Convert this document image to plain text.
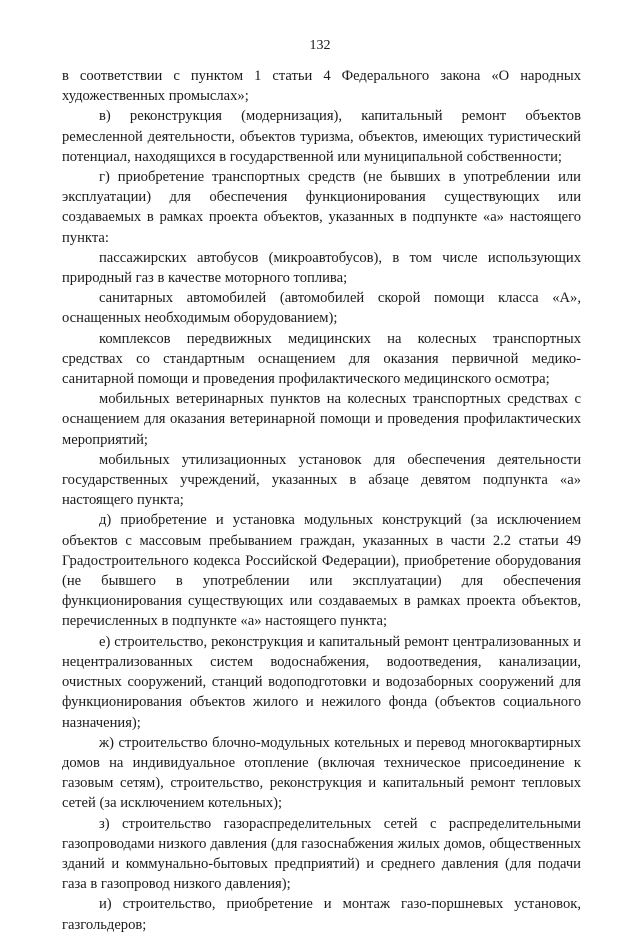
132

в соответствии с пунктом 1 статьи 4 Федерального закона «О народных художественных промыслах»;

в) реконструкция (модернизация), капитальный ремонт объектов ремесленной деятельности, объектов туризма, объектов, имеющих туристический потенциал, находящихся в государственной или муниципальной собственности;

г) приобретение транспортных средств (не бывших в употреблении или эксплуатации) для обеспечения функционирования существующих или создаваемых в рамках проекта объектов, указанных в подпункте «а» настоящего пункта:

пассажирских автобусов (микроавтобусов), в том числе использующих природный газ в качестве моторного топлива;

санитарных автомобилей (автомобилей скорой помощи класса «А», оснащенных необходимым оборудованием);

комплексов передвижных медицинских на колесных транспортных средствах со стандартным оснащением для оказания первичной медико-санитарной помощи и проведения профилактического медицинского осмотра;

мобильных ветеринарных пунктов на колесных транспортных средствах с оснащением для оказания ветеринарной помощи и проведения профилактических мероприятий;

мобильных утилизационных установок для обеспечения деятельности государственных учреждений, указанных в абзаце девятом подпункта «а» настоящего пункта;

д) приобретение и установка модульных конструкций (за исключением объектов с массовым пребыванием граждан, указанных в части 2.2 статьи 49 Градостроительного кодекса Российской Федерации), приобретение оборудования (не бывшего в употреблении или эксплуатации) для обеспечения функционирования существующих или создаваемых в рамках проекта объектов, перечисленных в подпункте «а» настоящего пункта;

е) строительство, реконструкция и капитальный ремонт централизованных и нецентрализованных систем водоснабжения, водоотведения, канализации, очистных сооружений, станций водоподготовки и водозаборных сооружений для функционирования объектов жилого и нежилого фонда (объектов социального назначения);

ж) строительство блочно-модульных котельных и перевод многоквартирных домов на индивидуальное отопление (включая техническое присоединение к газовым сетям), строительство, реконструкция и капитальный ремонт тепловых сетей (за исключением котельных);

з) строительство газораспределительных сетей с распределительными газопроводами низкого давления (для газоснабжения жилых домов, общественных зданий и коммунально-бытовых предприятий) и среднего давления (для подачи газа в газопровод низкого давления);

и) строительство, приобретение и монтаж газо-поршневых установок, газгольдеров;
